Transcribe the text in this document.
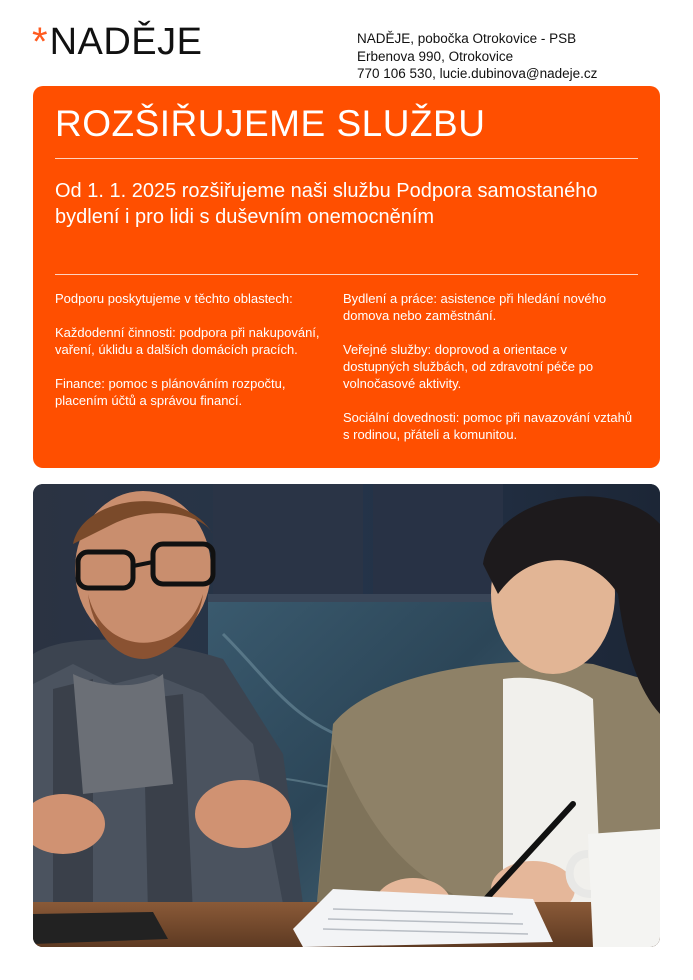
* NADĚJE	NADĚJE, pobočka Otrokovice - PSB
Erbenova 990, Otrokovice
770 106 530, lucie.dubinova@nadeje.cz
ROZŠIŘUJEME SLUŽBU
Od 1. 1. 2025 rozšiřujeme naši službu Podpora samostaného bydlení i pro lidi s duševním onemocněním

Podporu poskytujeme v těchto oblastech:

Každodenní činnosti: podpora při nakupování, vaření, úklidu a dalších domácích pracích.

Finance: pomoc s plánováním rozpočtu, placením účtů a správou financí.

Bydlení a práce: asistence při hledání nového domova nebo zaměstnání.

Veřejné služby: doprovod a orientace v dostupných službách, od zdravotní péče po volnočasové aktivity.

Sociální dovednosti: pomoc při navazování vztahů s rodinou, přáteli a komunitou.
